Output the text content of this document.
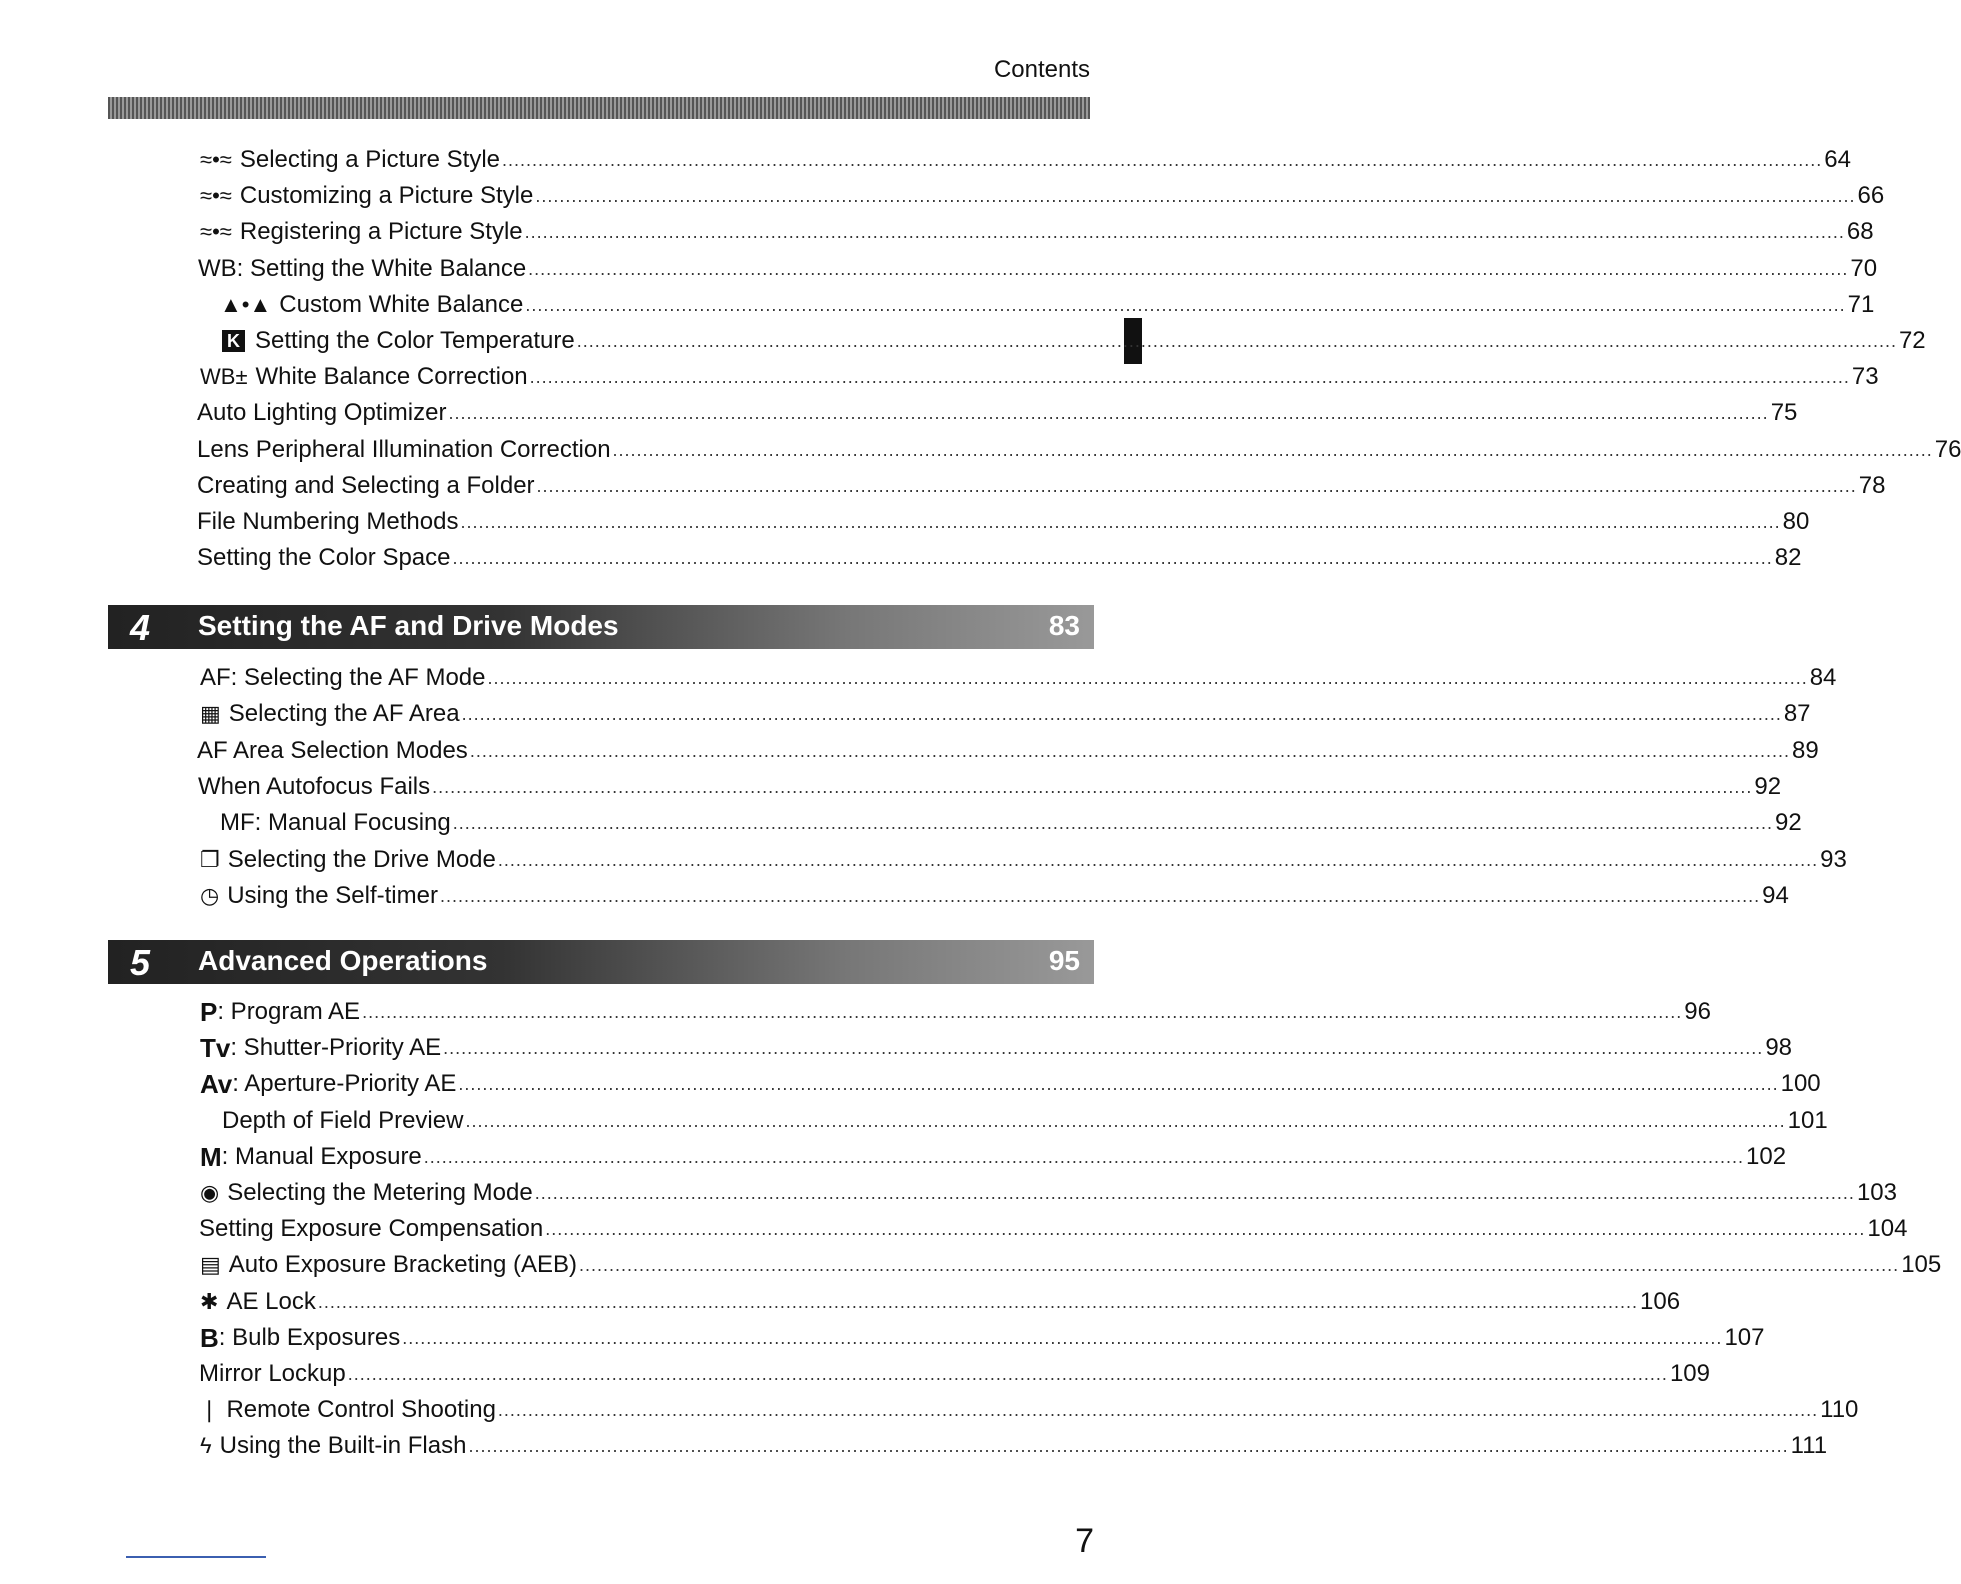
Contents
≈•≈ Selecting a Picture Style ............................................................................................................................................................................................................................ 64
≈•≈ Customizing a Picture Style ............................................................................................................................................................................................................................ 66
≈•≈ Registering a Picture Style ............................................................................................................................................................................................................................ 68
WB : Setting the White Balance ............................................................................................................................................................................................................................ 70
▲•▲ Custom White Balance ............................................................................................................................................................................................................................ 71
K Setting the Color Temperature ............................................................................................................................................................................................................................ 72
WB± White Balance Correction ............................................................................................................................................................................................................................ 73
Auto Lighting Optimizer ............................................................................................................................................................................................................................ 75
Lens Peripheral Illumination Correction ............................................................................................................................................................................................................................ 76
Creating and Selecting a Folder ............................................................................................................................................................................................................................ 78
File Numbering Methods ............................................................................................................................................................................................................................ 80
Setting the Color Space ............................................................................................................................................................................................................................ 82
AF : Selecting the AF Mode ............................................................................................................................................................................................................................ 84
▦ Selecting the AF Area ............................................................................................................................................................................................................................ 87
AF Area Selection Modes ............................................................................................................................................................................................................................ 89
When Autofocus Fails ............................................................................................................................................................................................................................ 92
MF: Manual Focusing ............................................................................................................................................................................................................................ 92
❐ Selecting the Drive Mode ............................................................................................................................................................................................................................ 93
◷ Using the Self-timer ............................................................................................................................................................................................................................ 94
P : Program AE ............................................................................................................................................................................................................................ 96
Tv : Shutter-Priority AE ............................................................................................................................................................................................................................ 98
Av : Aperture-Priority AE ............................................................................................................................................................................................................................ 100
Depth of Field Preview ............................................................................................................................................................................................................................ 101
M : Manual Exposure ............................................................................................................................................................................................................................ 102
◉ Selecting the Metering Mode ............................................................................................................................................................................................................................ 103
Setting Exposure Compensation ............................................................................................................................................................................................................................ 104
▤ Auto Exposure Bracketing (AEB) ............................................................................................................................................................................................................................ 105
✱ AE Lock ............................................................................................................................................................................................................................ 106
B : Bulb Exposures ............................................................................................................................................................................................................................ 107
Mirror Lockup ............................................................................................................................................................................................................................ 109
❘ Remote Control Shooting ............................................................................................................................................................................................................................ 110
ϟ Using the Built-in Flash ............................................................................................................................................................................................................................ 111
4 Setting the AF and Drive Modes	83
5 Advanced Operations	95
7
